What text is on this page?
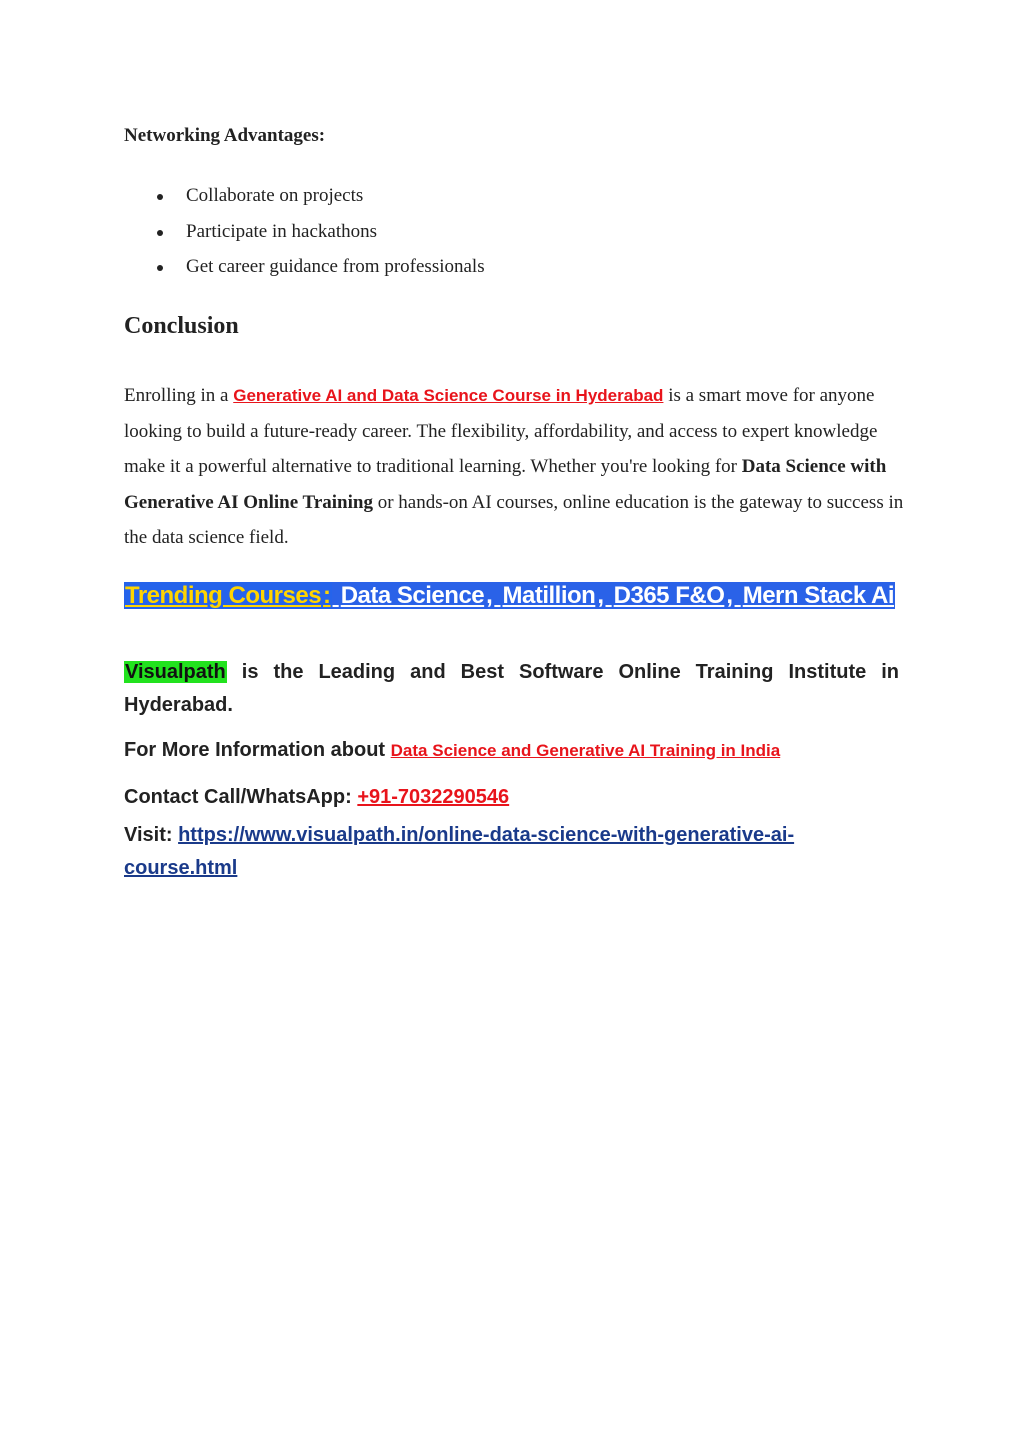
Networking Advantages:
Collaborate on projects
Participate in hackathons
Get career guidance from professionals
Conclusion
Enrolling in a Generative AI and Data Science Course in Hyderabad is a smart move for anyone looking to build a future-ready career. The flexibility, affordability, and access to expert knowledge make it a powerful alternative to traditional learning. Whether you're looking for Data Science with Generative AI Online Training or hands-on AI courses, online education is the gateway to success in the data science field.
Trending Courses: Data Science, Matillion, D365 F&O, Mern Stack Ai
Visualpath is the Leading and Best Software Online Training Institute in Hyderabad.
For More Information about Data Science and Generative AI Training in India
Contact Call/WhatsApp: +91-7032290546
Visit: https://www.visualpath.in/online-data-science-with-generative-ai-course.html
